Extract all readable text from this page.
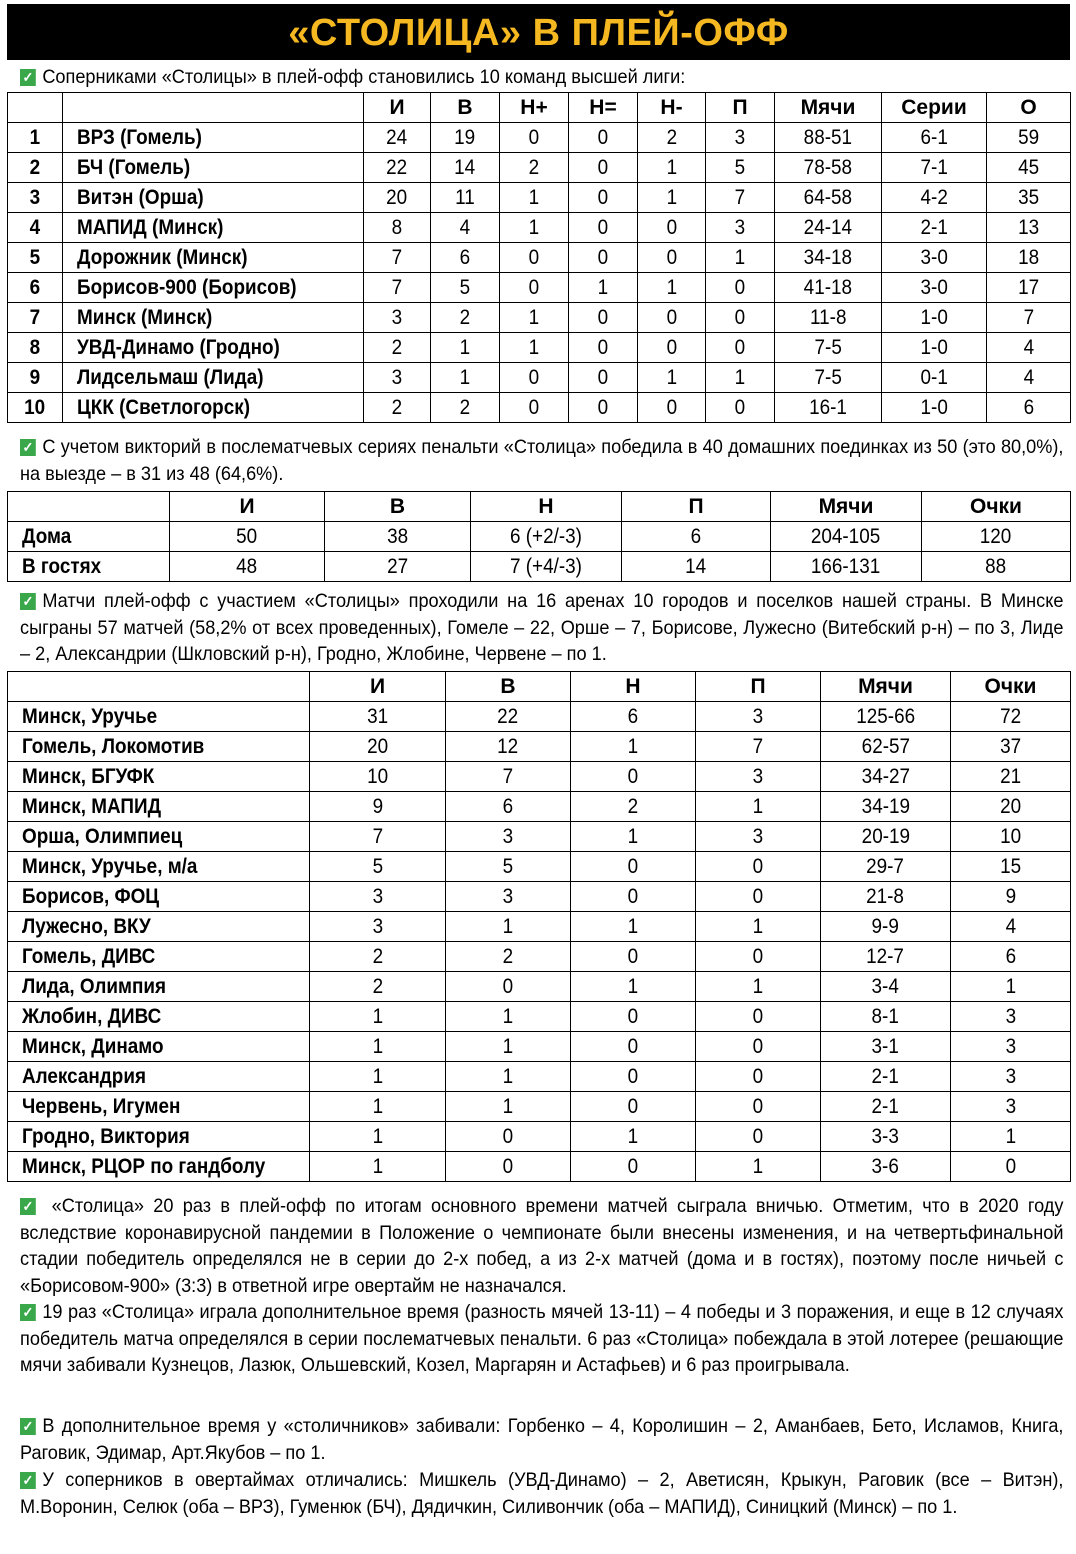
«СТОЛИЦА» В ПЛЕЙ-ОФФ
✓ Соперниками «Столицы» в плей-офф становились 10 команд высшей лиги:
		И	В	Н+	Н=	Н-	П	Мячи	Серии	О
1	ВРЗ (Гомель)	24	19	0	0	2	3	88-51	6-1	59
2	БЧ (Гомель)	22	14	2	0	1	5	78-58	7-1	45
3	Витэн (Орша)	20	11	1	0	1	7	64-58	4-2	35
4	МАПИД (Минск)	8	4	1	0	0	3	24-14	2-1	13
5	Дорожник (Минск)	7	6	0	0	0	1	34-18	3-0	18
6	Борисов-900 (Борисов)	7	5	0	1	1	0	41-18	3-0	17
7	Минск (Минск)	3	2	1	0	0	0	11-8	1-0	7
8	УВД-Динамо (Гродно)	2	1	1	0	0	0	7-5	1-0	4
9	Лидсельмаш (Лида)	3	1	0	0	1	1	7-5	0-1	4
10	ЦКК (Светлогорск)	2	2	0	0	0	0	16-1	1-0	6
✓ С учетом викторий в послематчевых сериях пенальти «Столица» победила в 40 домашних поединках из 50 (это 80,0%), на выезде – в 31 из 48 (64,6%).
	И	В	Н	П	Мячи	Очки
Дома	50	38	6 (+2/-3)	6	204-105	120
В гостях	48	27	7 (+4/-3)	14	166-131	88
✓ Матчи плей-офф с участием «Столицы» проходили на 16 аренах 10 городов и поселков нашей страны. В Минске сыграны 57 матчей (58,2% от всех проведенных), Гомеле – 22, Орше – 7, Борисове, Лужесно (Витебский р-н) – по 3, Лиде – 2, Александрии (Шкловский р-н), Гродно, Жлобине, Червене – по 1.
	И	В	Н	П	Мячи	Очки
Минск, Уручье	31	22	6	3	125-66	72
Гомель, Локомотив	20	12	1	7	62-57	37
Минск, БГУФК	10	7	0	3	34-27	21
Минск, МАПИД	9	6	2	1	34-19	20
Орша, Олимпиец	7	3	1	3	20-19	10
Минск, Уручье, м/а	5	5	0	0	29-7	15
Борисов, ФОЦ	3	3	0	0	21-8	9
Лужесно, ВКУ	3	1	1	1	9-9	4
Гомель, ДИВС	2	2	0	0	12-7	6
Лида, Олимпия	2	0	1	1	3-4	1
Жлобин, ДИВС	1	1	0	0	8-1	3
Минск, Динамо	1	1	0	0	3-1	3
Александрия	1	1	0	0	2-1	3
Червень, Игумен	1	1	0	0	2-1	3
Гродно, Виктория	1	0	1	0	3-3	1
Минск, РЦОР по гандболу	1	0	0	1	3-6	0
✓ «Столица» 20 раз в плей-офф по итогам основного времени матчей сыграла вничью. Отметим, что в 2020 году вследствие коронавирусной пандемии в Положение о чемпионате были внесены изменения, и на четвертьфинальной стадии победитель определялся не в серии до 2-х побед, а из 2-х матчей (дома и в гостях), поэтому после ничьей с «Борисовом-900» (3:3) в ответной игре овертайм не назначался.
✓ 19 раз «Столица» играла дополнительное время (разность мячей 13-11) – 4 победы и 3 поражения, и еще в 12 случаях победитель матча определялся в серии послематчевых пенальти. 6 раз «Столица» побеждала в этой лотерее (решающие мячи забивали Кузнецов, Лазюк, Ольшевский, Козел, Маргарян и Астафьев) и 6 раз проигрывала.
✓ В дополнительное время у «столичников» забивали: Горбенко – 4, Королишин – 2, Аманбаев, Бето, Исламов, Книга, Раговик, Эдимар, Арт.Якубов – по 1.
✓ У соперников в овертаймах отличались: Мишкель (УВД-Динамо) – 2, Аветисян, Крыкун, Раговик (все – Витэн), М.Воронин, Селюк (оба – ВРЗ), Гуменюк (БЧ), Дядичкин, Силивончик (оба – МАПИД), Синицкий (Минск) – по 1.
